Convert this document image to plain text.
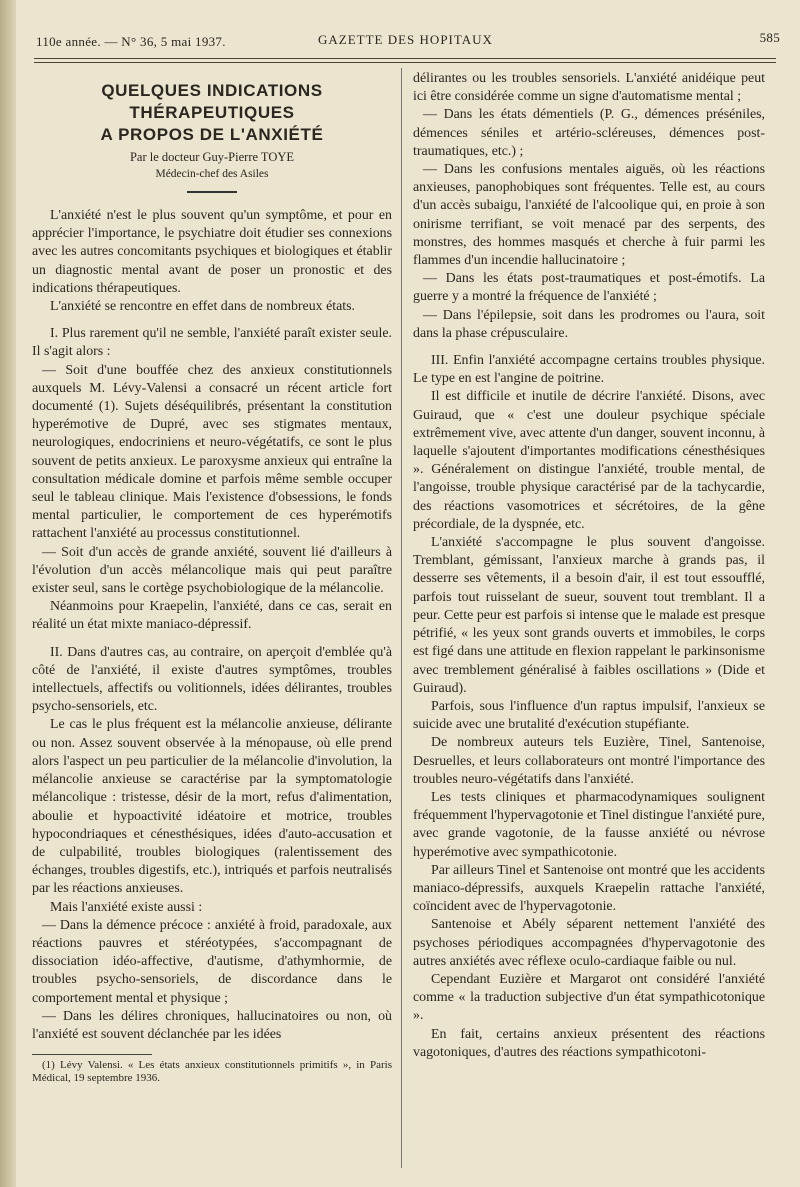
110e année. — N° 36, 5 mai 1937.	GAZETTE DES HOPITAUX	585
QUELQUES INDICATIONS THÉRAPEUTIQUES
A PROPOS DE L'ANXIÉTÉ
Par le docteur Guy-Pierre TOYE
Médecin-chef des Asiles

L'anxiété n'est le plus souvent qu'un symptôme, et pour en apprécier l'importance, le psychiatre doit étudier ses connexions avec les autres concomitants psychiques et biologiques et établir un diagnostic mental avant de poser un pronostic et des indications thérapeutiques.

L'anxiété se rencontre en effet dans de nombreux états.

I. Plus rarement qu'il ne semble, l'anxiété paraît exister seule. Il s'agit alors :

— Soit d'une bouffée chez des anxieux constitutionnels auxquels M. Lévy-Valensi a consacré un récent article fort documenté (1). Sujets déséquilibrés, présentant la constitution hyperémotive de Dupré, avec ses stigmates mentaux, neurologiques, endocriniens et neuro-végétatifs, ce sont le plus souvent de petits anxieux. Le paroxysme anxieux qui entraîne la consultation médicale domine et parfois même semble occuper seul le tableau clinique. Mais l'existence d'obsessions, le fonds mental particulier, le comportement de ces hyperémotifs rattachent l'anxiété au processus constitutionnel.

— Soit d'un accès de grande anxiété, souvent lié d'ailleurs à l'évolution d'un accès mélancolique mais qui peut paraître exister seul, sans le cortège psychobiologique de la mélancolie.

Néanmoins pour Kraepelin, l'anxiété, dans ce cas, serait en réalité un état mixte maniaco-dépressif.

II. Dans d'autres cas, au contraire, on aperçoit d'emblée qu'à côté de l'anxiété, il existe d'autres symptômes, troubles intellectuels, affectifs ou volitionnels, idées délirantes, troubles psycho-sensoriels, etc.

Le cas le plus fréquent est la mélancolie anxieuse, délirante ou non. Assez souvent observée à la ménopause, où elle prend alors l'aspect un peu particulier de la mélancolie d'involution, la mélancolie anxieuse se caractérise par la symptomatologie mélancolique : tristesse, désir de la mort, refus d'alimentation, aboulie et hypoactivité idéatoire et motrice, troubles hypocondriaques et cénesthésiques, idées d'auto-accusation et de culpabilité, troubles biologiques (ralentissement des échanges, troubles digestifs, etc.), intriqués et parfois neutralisés par les réactions anxieuses.

Mais l'anxiété existe aussi :

— Dans la démence précoce : anxiété à froid, paradoxale, aux réactions pauvres et stéréotypées, s'accompagnant de dissociation idéo-affective, d'autisme, d'athymhormie, de troubles psycho-sensoriels, de discordance dans le comportement mental et physique ;

— Dans les délires chroniques, hallucinatoires ou non, où l'anxiété est souvent déclanchée par les idées

(1) Lévy Valensi. « Les états anxieux constitutionnels primitifs », in Paris Médical, 19 septembre 1936.

délirantes ou les troubles sensoriels. L'anxiété anidéique peut ici être considérée comme un signe d'automatisme mental ;

— Dans les états démentiels (P. G., démences préséniles, démences séniles et artério-scléreuses, démences post-traumatiques, etc.) ;

— Dans les confusions mentales aiguës, où les réactions anxieuses, panophobiques sont fréquentes. Telle est, au cours d'un accès subaigu, l'anxiété de l'alcoolique qui, en proie à son onirisme terrifiant, se voit menacé par des serpents, des monstres, des hommes masqués et cherche à fuir parmi les flammes d'un incendie hallucinatoire ;

— Dans les états post-traumatiques et post-émotifs. La guerre y a montré la fréquence de l'anxiété ;

— Dans l'épilepsie, soit dans les prodromes ou l'aura, soit dans la phase crépusculaire.

III. Enfin l'anxiété accompagne certains troubles physique. Le type en est l'angine de poitrine.

Il est difficile et inutile de décrire l'anxiété. Disons, avec Guiraud, que « c'est une douleur psychique spéciale extrêmement vive, avec attente d'un danger, souvent inconnu, à laquelle s'ajoutent d'importantes modifications cénesthésiques ». Généralement on distingue l'anxiété, trouble mental, de l'angoisse, trouble physique caractérisé par de la tachycardie, des réactions vasomotrices et sécrétoires, de la gêne précordiale, de la dyspnée, etc.

L'anxiété s'accompagne le plus souvent d'angoisse. Tremblant, gémissant, l'anxieux marche à grands pas, il desserre ses vêtements, il a besoin d'air, il est tout essoufflé, parfois tout ruisselant de sueur, souvent tout tremblant. Il a peur. Cette peur est parfois si intense que le malade est presque pétrifié, « les yeux sont grands ouverts et immobiles, le corps est figé dans une attitude en flexion rappelant le parkinsonisme avec tremblement généralisé à faibles oscillations » (Dide et Guiraud).

Parfois, sous l'influence d'un raptus impulsif, l'anxieux se suicide avec une brutalité d'exécution stupéfiante.

De nombreux auteurs tels Euzière, Tinel, Santenoise, Desruelles, et leurs collaborateurs ont montré l'importance des troubles neuro-végétatifs dans l'anxiété.

Les tests cliniques et pharmacodynamiques soulignent fréquemment l'hypervagotonie et Tinel distingue l'anxiété pure, avec grande vagotonie, de la fausse anxiété ou névrose hyperémotive avec sympathicotonie.

Par ailleurs Tinel et Santenoise ont montré que les accidents maniaco-dépressifs, auxquels Kraepelin rattache l'anxiété, coïncident avec de l'hypervagotonie.

Santenoise et Abély séparent nettement l'anxiété des psychoses périodiques accompagnées d'hypervagotonie des autres anxiétés avec réflexe oculo-cardiaque faible ou nul.

Cependant Euzière et Margarot ont considéré l'anxiété comme « la traduction subjective d'un état sympathicotonique ».

En fait, certains anxieux présentent des réactions vagotoniques, d'autres des réactions sympathicotoni-
